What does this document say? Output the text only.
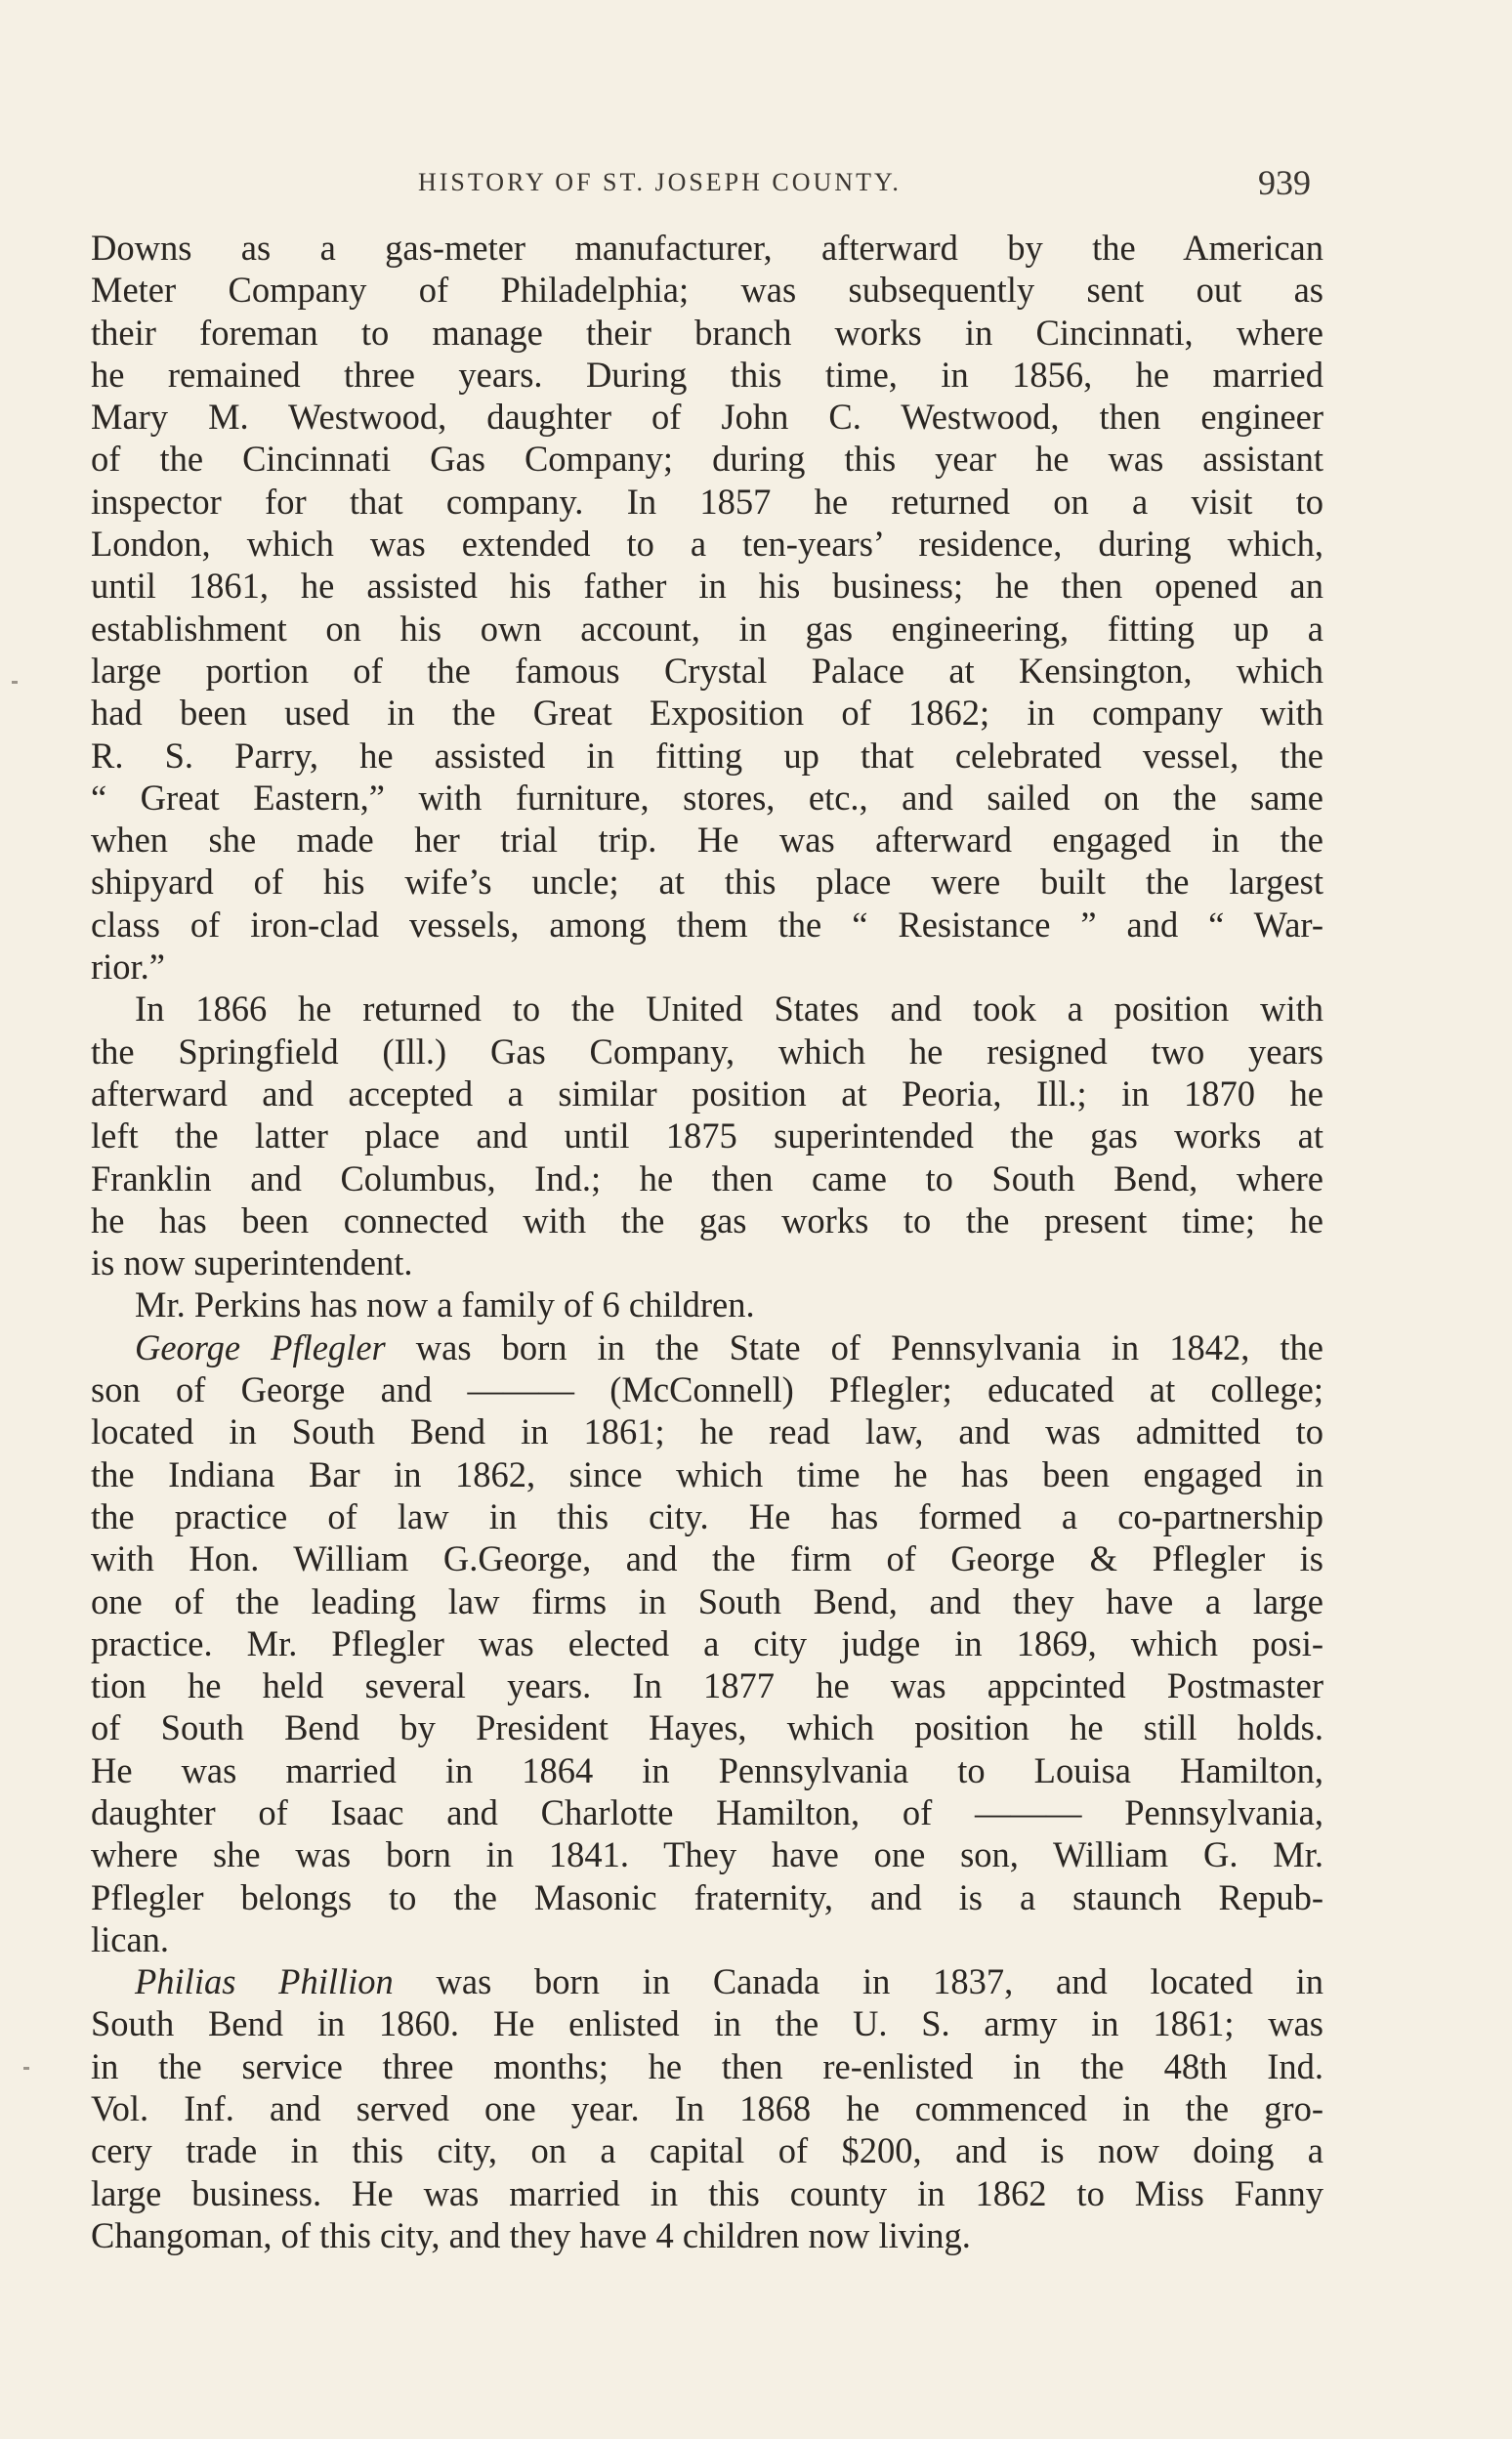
HISTORY OF ST. JOSEPH COUNTY.	939
Downs as a gas-meter manufacturer, afterward by the American
Meter Company of Philadelphia; was subsequently sent out as
their foreman to manage their branch works in Cincinnati, where
he remained three years. During this time, in 1856, he married
Mary M. Westwood, daughter of John C. Westwood, then engineer
of the Cincinnati Gas Company; during this year he was assistant
inspector for that company. In 1857 he returned on a visit to
London, which was extended to a ten-years’ residence, during which,
until 1861, he assisted his father in his business; he then opened an
establishment on his own account, in gas engineering, fitting up a
large portion of the famous Crystal Palace at Kensington, which
had been used in the Great Exposition of 1862; in company with
R. S. Parry, he assisted in fitting up that celebrated vessel, the
“ Great Eastern,” with furniture, stores, etc., and sailed on the same
when she made her trial trip. He was afterward engaged in the
shipyard of his wife’s uncle; at this place were built the largest
class of iron-clad vessels, among them the “ Resistance ” and “ War-
rior.”
In 1866 he returned to the United States and took a position with
the Springfield (Ill.) Gas Company, which he resigned two years
afterward and accepted a similar position at Peoria, Ill.; in 1870 he
left the latter place and until 1875 superintended the gas works at
Franklin and Columbus, Ind.; he then came to South Bend, where
he has been connected with the gas works to the present time; he
is now superintendent.
Mr. Perkins has now a family of 6 children.
George Pflegler was born in the State of Pennsylvania in 1842, the
son of George and ——— (McConnell) Pflegler; educated at college;
located in South Bend in 1861; he read law, and was admitted to
the Indiana Bar in 1862, since which time he has been engaged in
the practice of law in this city. He has formed a co-partnership
with Hon. William G.George, and the firm of George & Pflegler is
one of the leading law firms in South Bend, and they have a large
practice. Mr. Pflegler was elected a city judge in 1869, which posi-
tion he held several years. In 1877 he was appcinted Postmaster
of South Bend by President Hayes, which position he still holds.
He was married in 1864 in Pennsylvania to Louisa Hamilton,
daughter of Isaac and Charlotte Hamilton, of ——— Pennsylvania,
where she was born in 1841. They have one son, William G. Mr.
Pflegler belongs to the Masonic fraternity, and is a staunch Repub-
lican.
Philias Phillion was born in Canada in 1837, and located in
South Bend in 1860. He enlisted in the U. S. army in 1861; was
in the service three months; he then re-enlisted in the 48th Ind.
Vol. Inf. and served one year. In 1868 he commenced in the gro-
cery trade in this city, on a capital of $200, and is now doing a
large business. He was married in this county in 1862 to Miss Fanny
Changoman, of this city, and they have 4 children now living.
